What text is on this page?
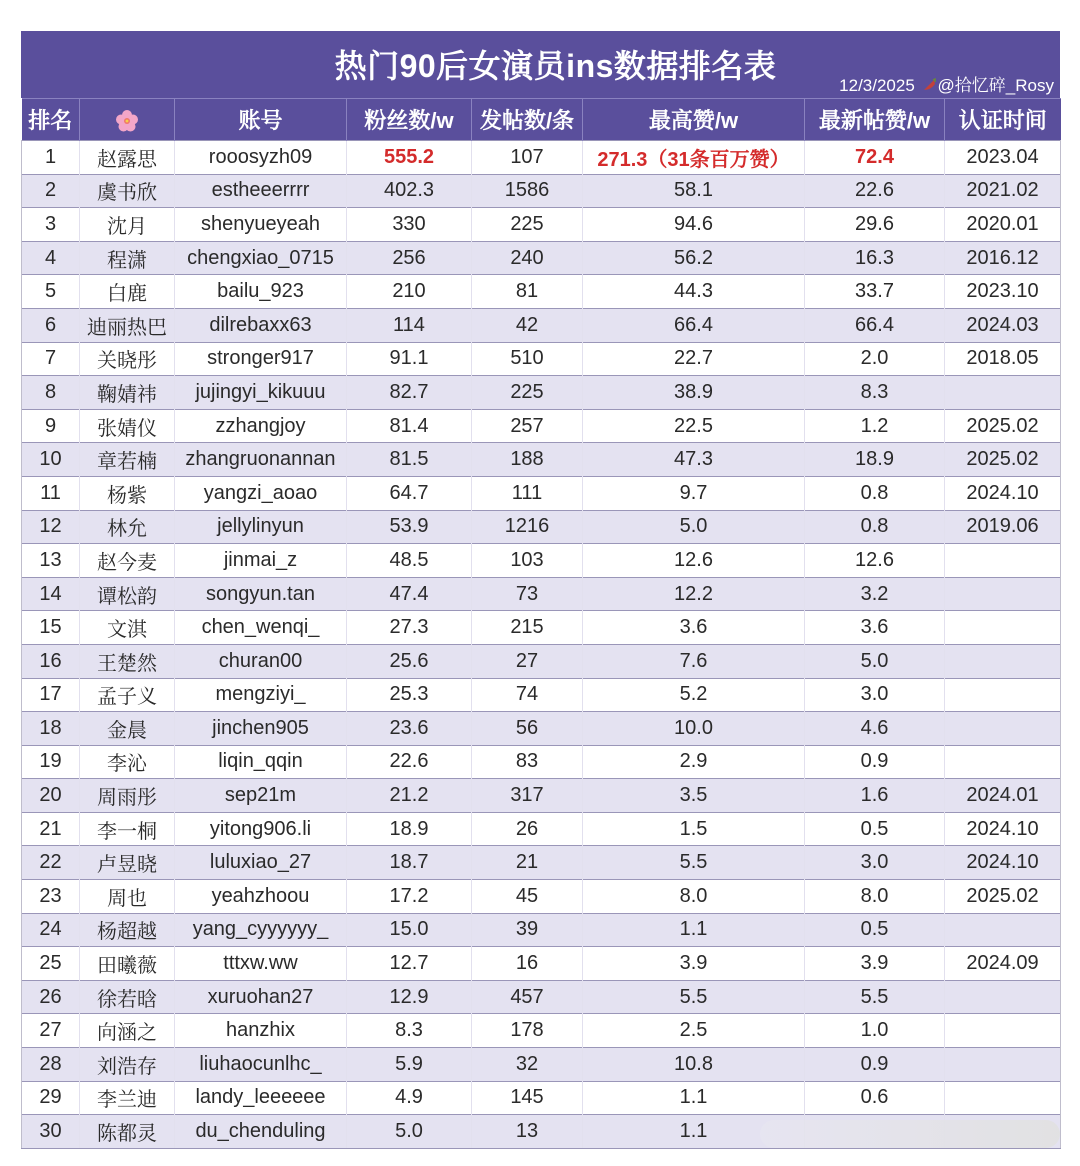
热门90后女演员ins数据排名表
12/3/2025 @拾忆碎_Rosy
排名		账号	粉丝数/w	发帖数/条	最高赞/w	最新帖赞/w	认证时间
1	赵露思	rooosyzh09	555.2	107	271.3（31条百万赞）	72.4	2023.04
2	虞书欣	estheeerrrr	402.3	1586	58.1	22.6	2021.02
3	沈月	shenyueyeah	330	225	94.6	29.6	2020.01
4	程潇	chengxiao_0715	256	240	56.2	16.3	2016.12
5	白鹿	bailu_923	210	81	44.3	33.7	2023.10
6	迪丽热巴	dilrebaxx63	114	42	66.4	66.4	2024.03
7	关晓彤	stronger917	91.1	510	22.7	2.0	2018.05
8	鞠婧祎	jujingyi_kikuuu	82.7	225	38.9	8.3	
9	张婧仪	zzhangjoy	81.4	257	22.5	1.2	2025.02
10	章若楠	zhangruonannan	81.5	188	47.3	18.9	2025.02
11	杨紫	yangzi_aoao	64.7	111	9.7	0.8	2024.10
12	林允	jellylinyun	53.9	1216	5.0	0.8	2019.06
13	赵今麦	jinmai_z	48.5	103	12.6	12.6	
14	谭松韵	songyun.tan	47.4	73	12.2	3.2	
15	文淇	chen_wenqi_	27.3	215	3.6	3.6	
16	王楚然	churan00	25.6	27	7.6	5.0	
17	孟子义	mengziyi_	25.3	74	5.2	3.0	
18	金晨	jinchen905	23.6	56	10.0	4.6	
19	李沁	liqin_qqin	22.6	83	2.9	0.9	
20	周雨彤	sep21m	21.2	317	3.5	1.6	2024.01
21	李一桐	yitong906.li	18.9	26	1.5	0.5	2024.10
22	卢昱晓	luluxiao_27	18.7	21	5.5	3.0	2024.10
23	周也	yeahzhoou	17.2	45	8.0	8.0	2025.02
24	杨超越	yang_cyyyyyy_	15.0	39	1.1	0.5	
25	田曦薇	tttxw.ww	12.7	16	3.9	3.9	2024.09
26	徐若晗	xuruohan27	12.9	457	5.5	5.5	
27	向涵之	hanzhix	8.3	178	2.5	1.0	
28	刘浩存	liuhaocunlhc_	5.9	32	10.8	0.9	
29	李兰迪	landy_leeeeee	4.9	145	1.1	0.6	
30	陈都灵	du_chenduling	5.0	13	1.1		
